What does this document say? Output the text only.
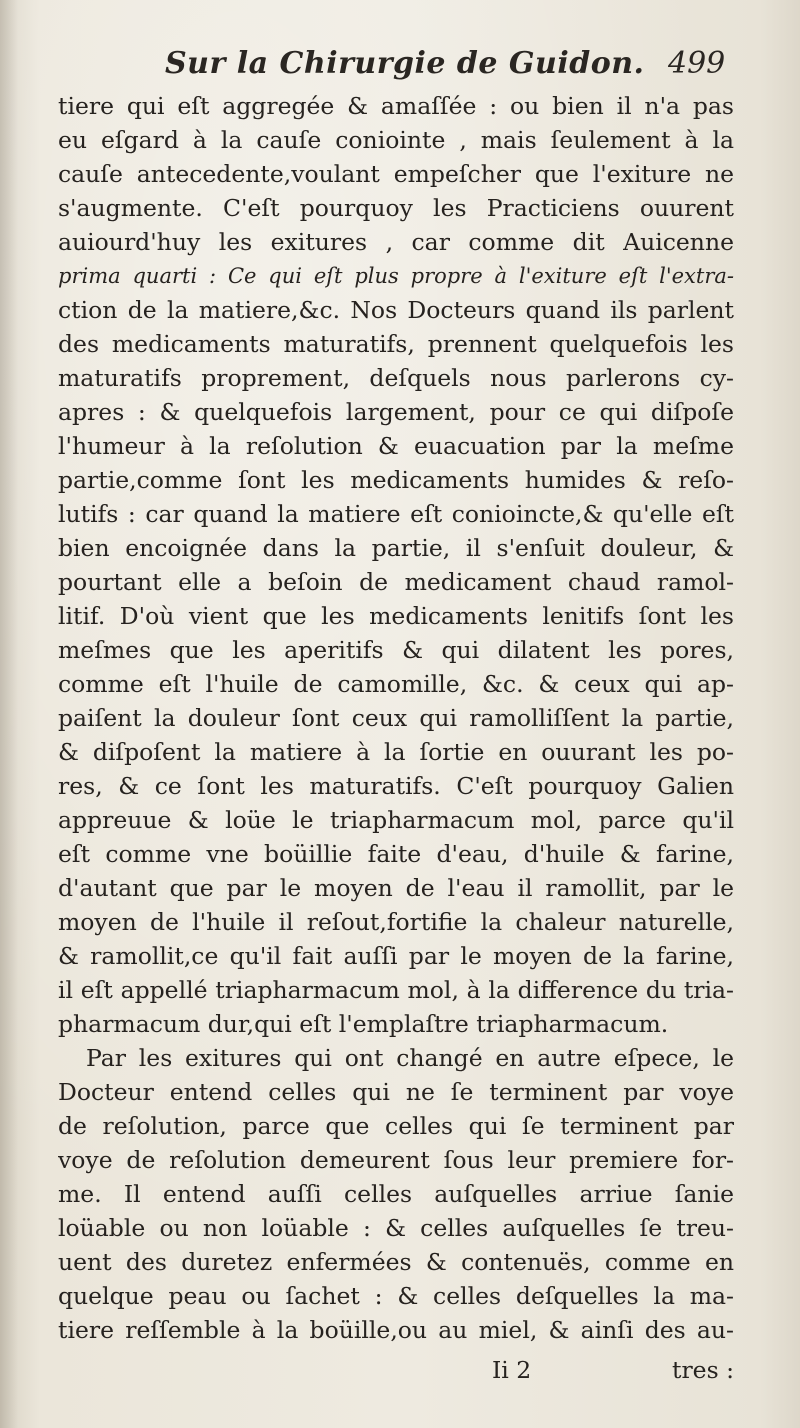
Sur la Chirurgie de Guidon. 499
tiere qui eſt aggregée & amaſſée : ou bien il n'a pas
eu eſgard à la cauſe coniointe , mais ſeulement à la
cauſe antecedente,voulant empeſcher que l'exiture ne
s'augmente. C'eſt pourquoy les Practiciens ouurent
auiourd'huy les exitures , car comme dit Auicenne
prima quarti : Ce qui eſt plus propre à l'exiture eſt l'extra-
ction de la matiere,&c. Nos Docteurs quand ils parlent
des medicaments maturatifs, prennent quelquefois les
maturatifs proprement, deſquels nous parlerons cy-
apres : & quelquefois largement, pour ce qui diſpoſe
l'humeur à la reſolution & euacuation par la meſme
partie,comme ſont les medicaments humides & reſo-
lutifs : car quand la matiere eſt conioincte,& qu'elle eſt
bien encoignée dans la partie, il s'enſuit douleur, &
pourtant elle a beſoin de medicament chaud ramol-
litif. D'où vient que les medicaments lenitifs ſont les
meſmes que les aperitifs & qui dilatent les pores,
comme eſt l'huile de camomille, &c. & ceux qui ap-
paiſent la douleur ſont ceux qui ramolliſſent la partie,
& diſpoſent la matiere à la ſortie en ouurant les po-
res, & ce ſont les maturatifs. C'eſt pourquoy Galien
appreuue & loüe le triapharmacum mol, parce qu'il
eſt comme vne boüillie faite d'eau, d'huile & farine,
d'autant que par le moyen de l'eau il ramollit, par le
moyen de l'huile il reſout,fortifie la chaleur naturelle,
& ramollit,ce qu'il fait auſſi par le moyen de la farine,
il eſt appellé triapharmacum mol, à la difference du tria-
pharmacum dur,qui eſt l'emplaſtre triapharmacum.
Par les exitures qui ont changé en autre eſpece, le
Docteur entend celles qui ne ſe terminent par voye
de reſolution, parce que celles qui ſe terminent par
voye de reſolution demeurent ſous leur premiere for-
me. Il entend auſſi celles auſquelles arriue ſanie
loüable ou non loüable : & celles auſquelles ſe treu-
uent des duretez enfermées & contenuës, comme en
quelque peau ou ſachet : & celles deſquelles la ma-
tiere reſſemble à la boüille,ou au miel, & ainſi des au-
Ii 2	tres :
